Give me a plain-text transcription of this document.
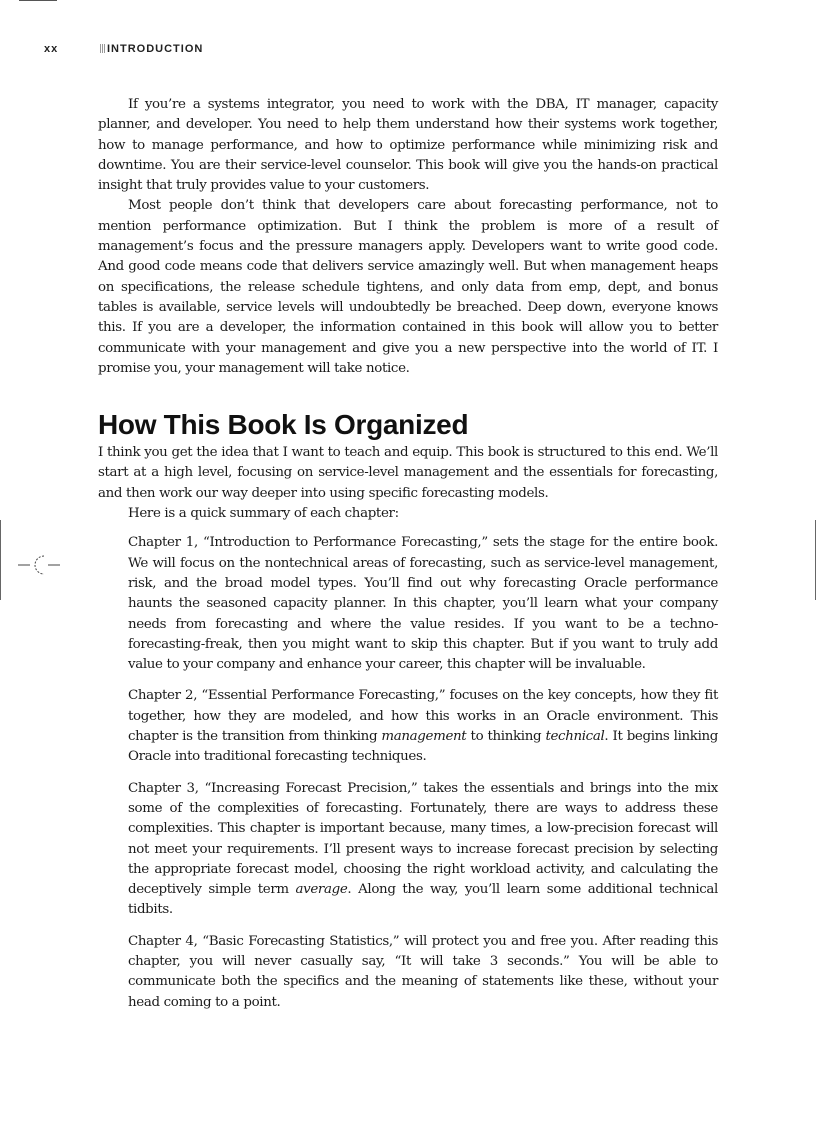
xx	INTRODUCTION

If you’re a systems integrator, you need to work with the DBA, IT manager, capacity planner, and developer. You need to help them understand how their systems work together, how to manage performance, and how to optimize performance while minimizing risk and downtime. You are their service-level counselor. This book will give you the hands-on practical insight that truly provides value to your customers.

Most people don’t think that developers care about forecasting performance, not to mention performance optimization. But I think the problem is more of a result of management’s focus and the pressure managers apply. Developers want to write good code. And good code means code that delivers service amazingly well. But when management heaps on specifications, the release schedule tightens, and only data from emp, dept, and bonus tables is available, service levels will undoubtedly be breached. Deep down, everyone knows this. If you are a developer, the information contained in this book will allow you to better communicate with your management and give you a new perspective into the world of IT. I promise you, your management will take notice.

How This Book Is Organized

I think you get the idea that I want to teach and equip. This book is structured to this end. We’ll start at a high level, focusing on service-level management and the essentials for forecasting, and then work our way deeper into using specific forecasting models.

Here is a quick summary of each chapter:

Chapter 1, “Introduction to Performance Forecasting,” sets the stage for the entire book. We will focus on the nontechnical areas of forecasting, such as service-level management, risk, and the broad model types. You’ll find out why forecasting Oracle performance haunts the seasoned capacity planner. In this chapter, you’ll learn what your company needs from forecasting and where the value resides. If you want to be a techno-forecasting-freak, then you might want to skip this chapter. But if you want to truly add value to your company and enhance your career, this chapter will be invaluable.

Chapter 2, “Essential Performance Forecasting,” focuses on the key concepts, how they fit together, how they are modeled, and how this works in an Oracle environment. This chapter is the transition from thinking management to thinking technical. It begins linking Oracle into traditional forecasting techniques.

Chapter 3, “Increasing Forecast Precision,” takes the essentials and brings into the mix some of the complexities of forecasting. Fortunately, there are ways to address these complexities. This chapter is important because, many times, a low-precision forecast will not meet your requirements. I’ll present ways to increase forecast precision by selecting the appropriate forecast model, choosing the right workload activity, and calculating the deceptively simple term average. Along the way, you’ll learn some additional technical tidbits.

Chapter 4, “Basic Forecasting Statistics,” will protect you and free you. After reading this chapter, you will never casually say, “It will take 3 seconds.” You will be able to communicate both the specifics and the meaning of statements like these, without your head coming to a point.
